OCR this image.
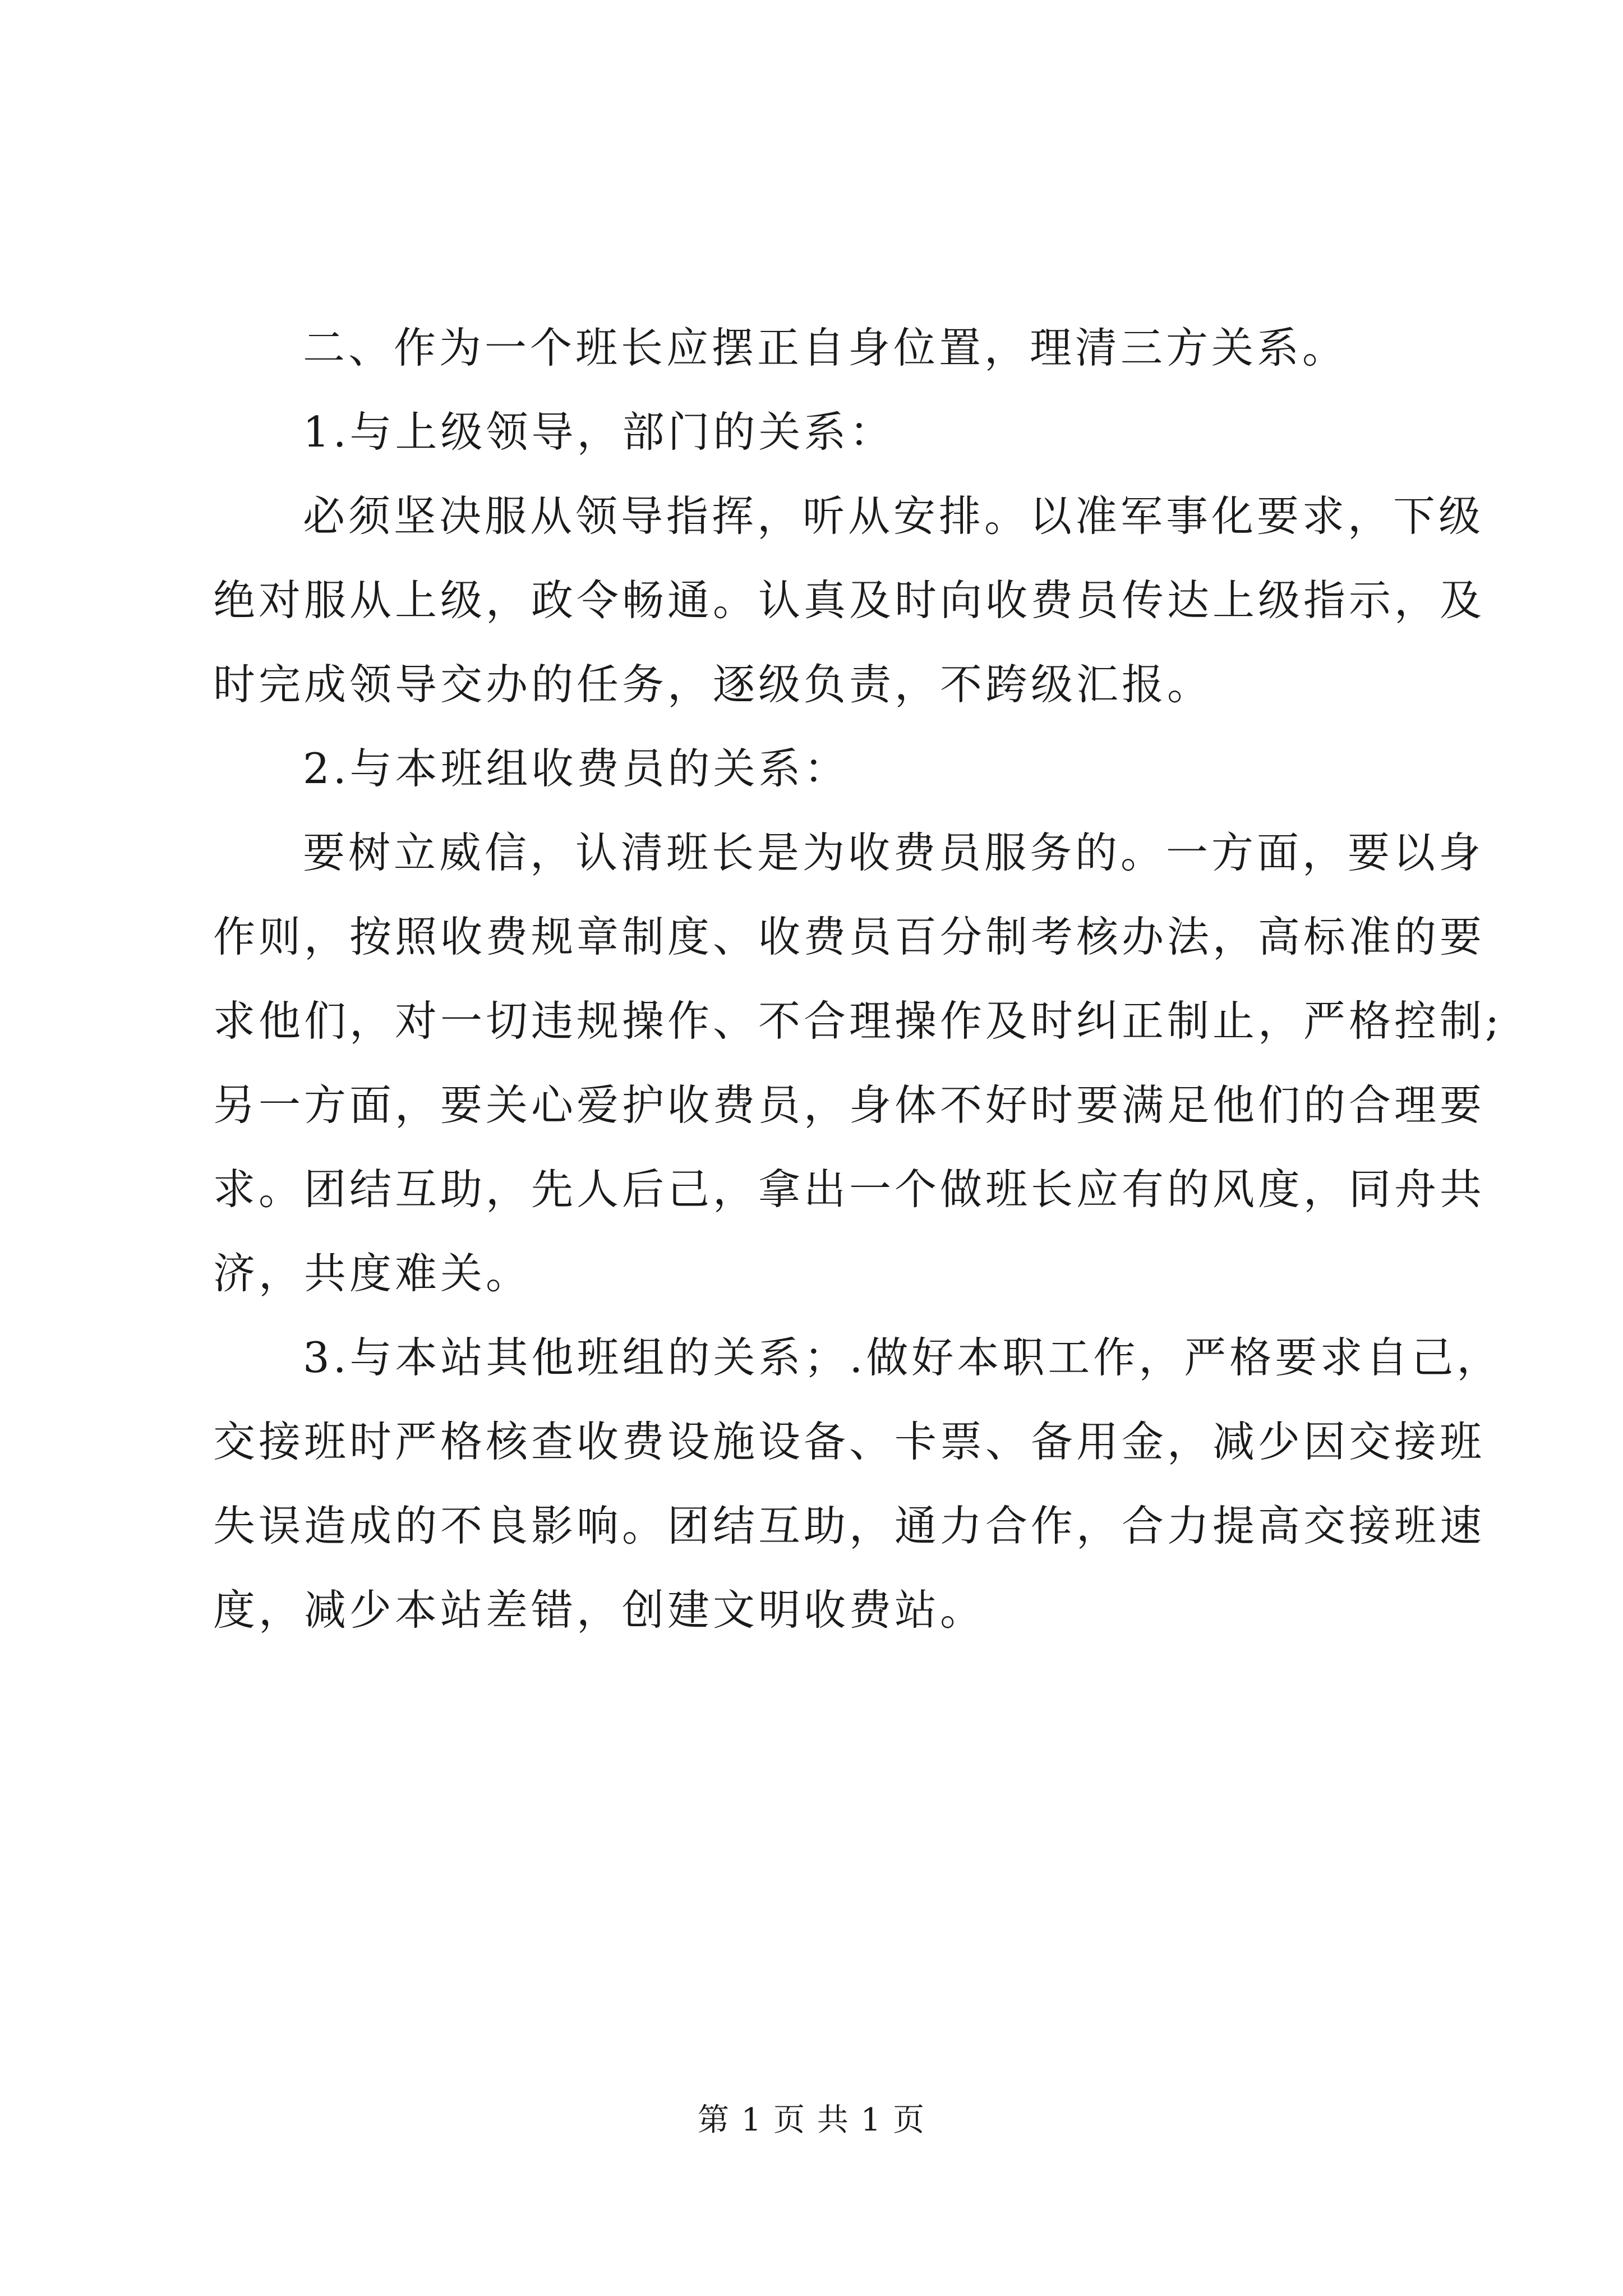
二、作为一个班长应摆正自身位置，理清三方关系。
1.与上级领导，部门的关系：
必须坚决服从领导指挥，听从安排。以准军事化要求，下级
绝对服从上级，政令畅通。认真及时向收费员传达上级指示，及
时完成领导交办的任务，逐级负责，不跨级汇报。
2.与本班组收费员的关系：
要树立威信，认清班长是为收费员服务的。一方面，要以身
作则，按照收费规章制度、收费员百分制考核办法，高标准的要
求他们，对一切违规操作、不合理操作及时纠正制止，严格控制;
另一方面，要关心爱护收费员，身体不好时要满足他们的合理要
求。团结互助，先人后己，拿出一个做班长应有的风度，同舟共
济，共度难关。
3.与本站其他班组的关系；.做好本职工作，严格要求自己，
交接班时严格核查收费设施设备、卡票、备用金，减少因交接班
失误造成的不良影响。团结互助，通力合作，合力提高交接班速
度，减少本站差错，创建文明收费站。
第 1 页 共 1 页
